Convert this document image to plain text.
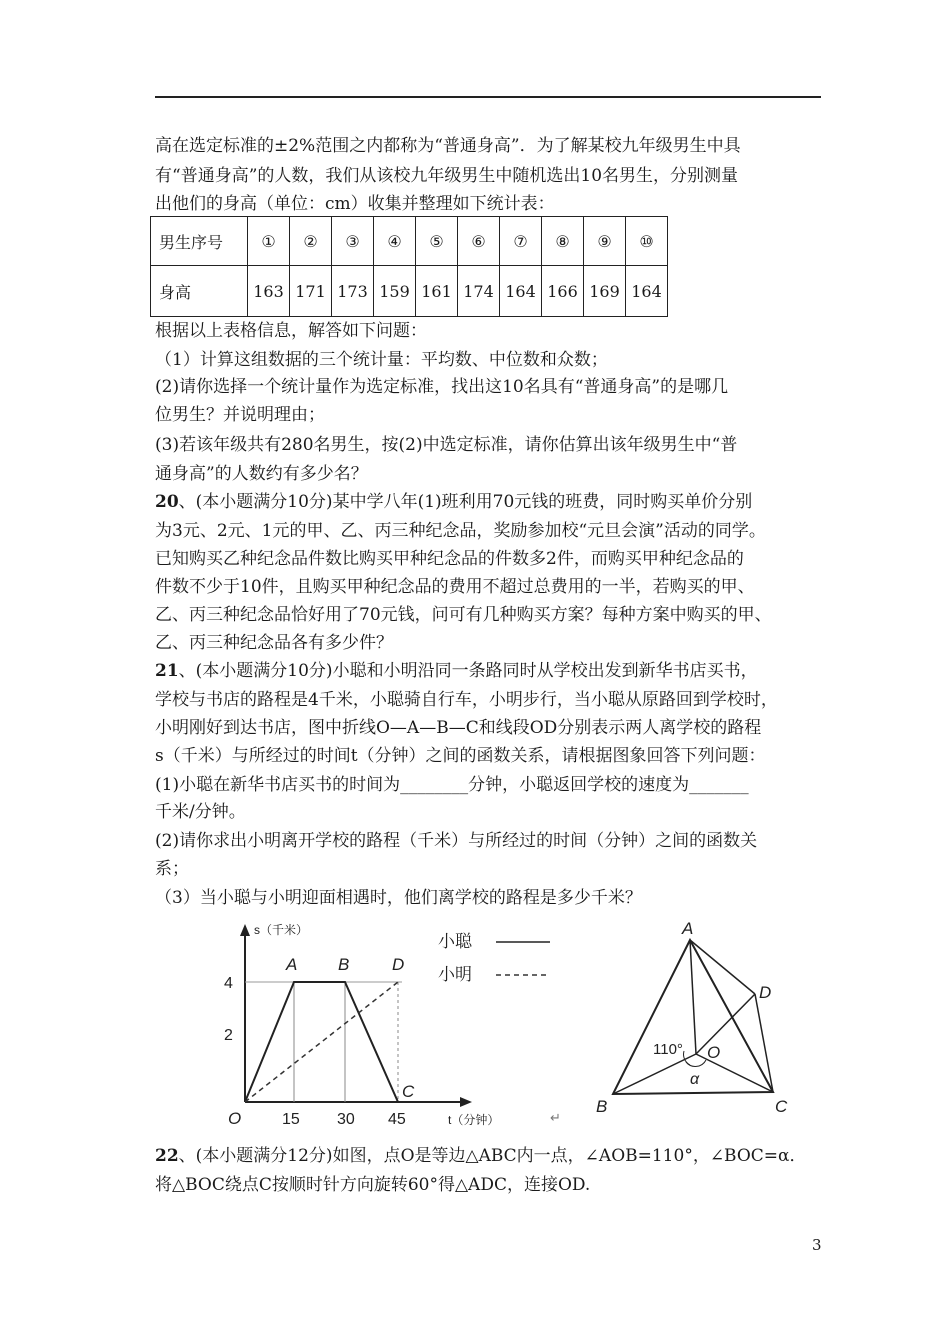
高在选定标准的±2%范围之内都称为“普通身高”．为了解某校九年级男生中具
有“普通身高”的人数，我们从该校九年级男生中随机选出10名男生，分别测量
出他们的身高（单位：cm）收集并整理如下统计表：
男生序号	①	②	③	④	⑤	⑥	⑦	⑧	⑨	⑩
身高	163	171	173	159	161	174	164	166	169	164
根据以上表格信息，解答如下问题：
（1）计算这组数据的三个统计量：平均数、中位数和众数；
(2)请你选择一个统计量作为选定标准，找出这10名具有“普通身高”的是哪几
位男生？并说明理由；
(3)若该年级共有280名男生，按(2)中选定标准，请你估算出该年级男生中“普
通身高”的人数约有多少名？
20、(本小题满分10分)某中学八年(1)班利用70元钱的班费，同时购买单价分别
为3元、2元、1元的甲、乙、丙三种纪念品，奖励参加校“元旦会演”活动的同学。
已知购买乙种纪念品件数比购买甲种纪念品的件数多2件，而购买甲种纪念品的
件数不少于10件，且购买甲种纪念品的费用不超过总费用的一半，若购买的甲、
乙、丙三种纪念品恰好用了70元钱，问可有几种购买方案？每种方案中购买的甲、
乙、丙三种纪念品各有多少件？
21、(本小题满分10分)小聪和小明沿同一条路同时从学校出发到新华书店买书，
学校与书店的路程是4千米，小聪骑自行车，小明步行，当小聪从原路回到学校时，
小明刚好到达书店，图中折线O—A—B—C和线段OD分别表示两人离学校的路程
s（千米）与所经过的时间t（分钟）之间的函数关系，请根据图象回答下列问题：
(1)小聪在新华书店买书的时间为________分钟，小聪返回学校的速度为_______
千米/分钟。
(2)请你求出小明离开学校的路程（千米）与所经过的时间（分钟）之间的函数关
系；
（3）当小聪与小明迎面相遇时，他们离学校的路程是多少千米？
s（千米）
t（分钟）
4
2
15 30 45
O
A B	D
C
小聪
小明
↵
A
B	C
D
O
α
110°
22、(本小题满分12分)如图，点O是等边△ABC内一点，∠AOB=110°，∠BOC=α．
将△BOC绕点C按顺时针方向旋转60°得△ADC，连接OD.
3
